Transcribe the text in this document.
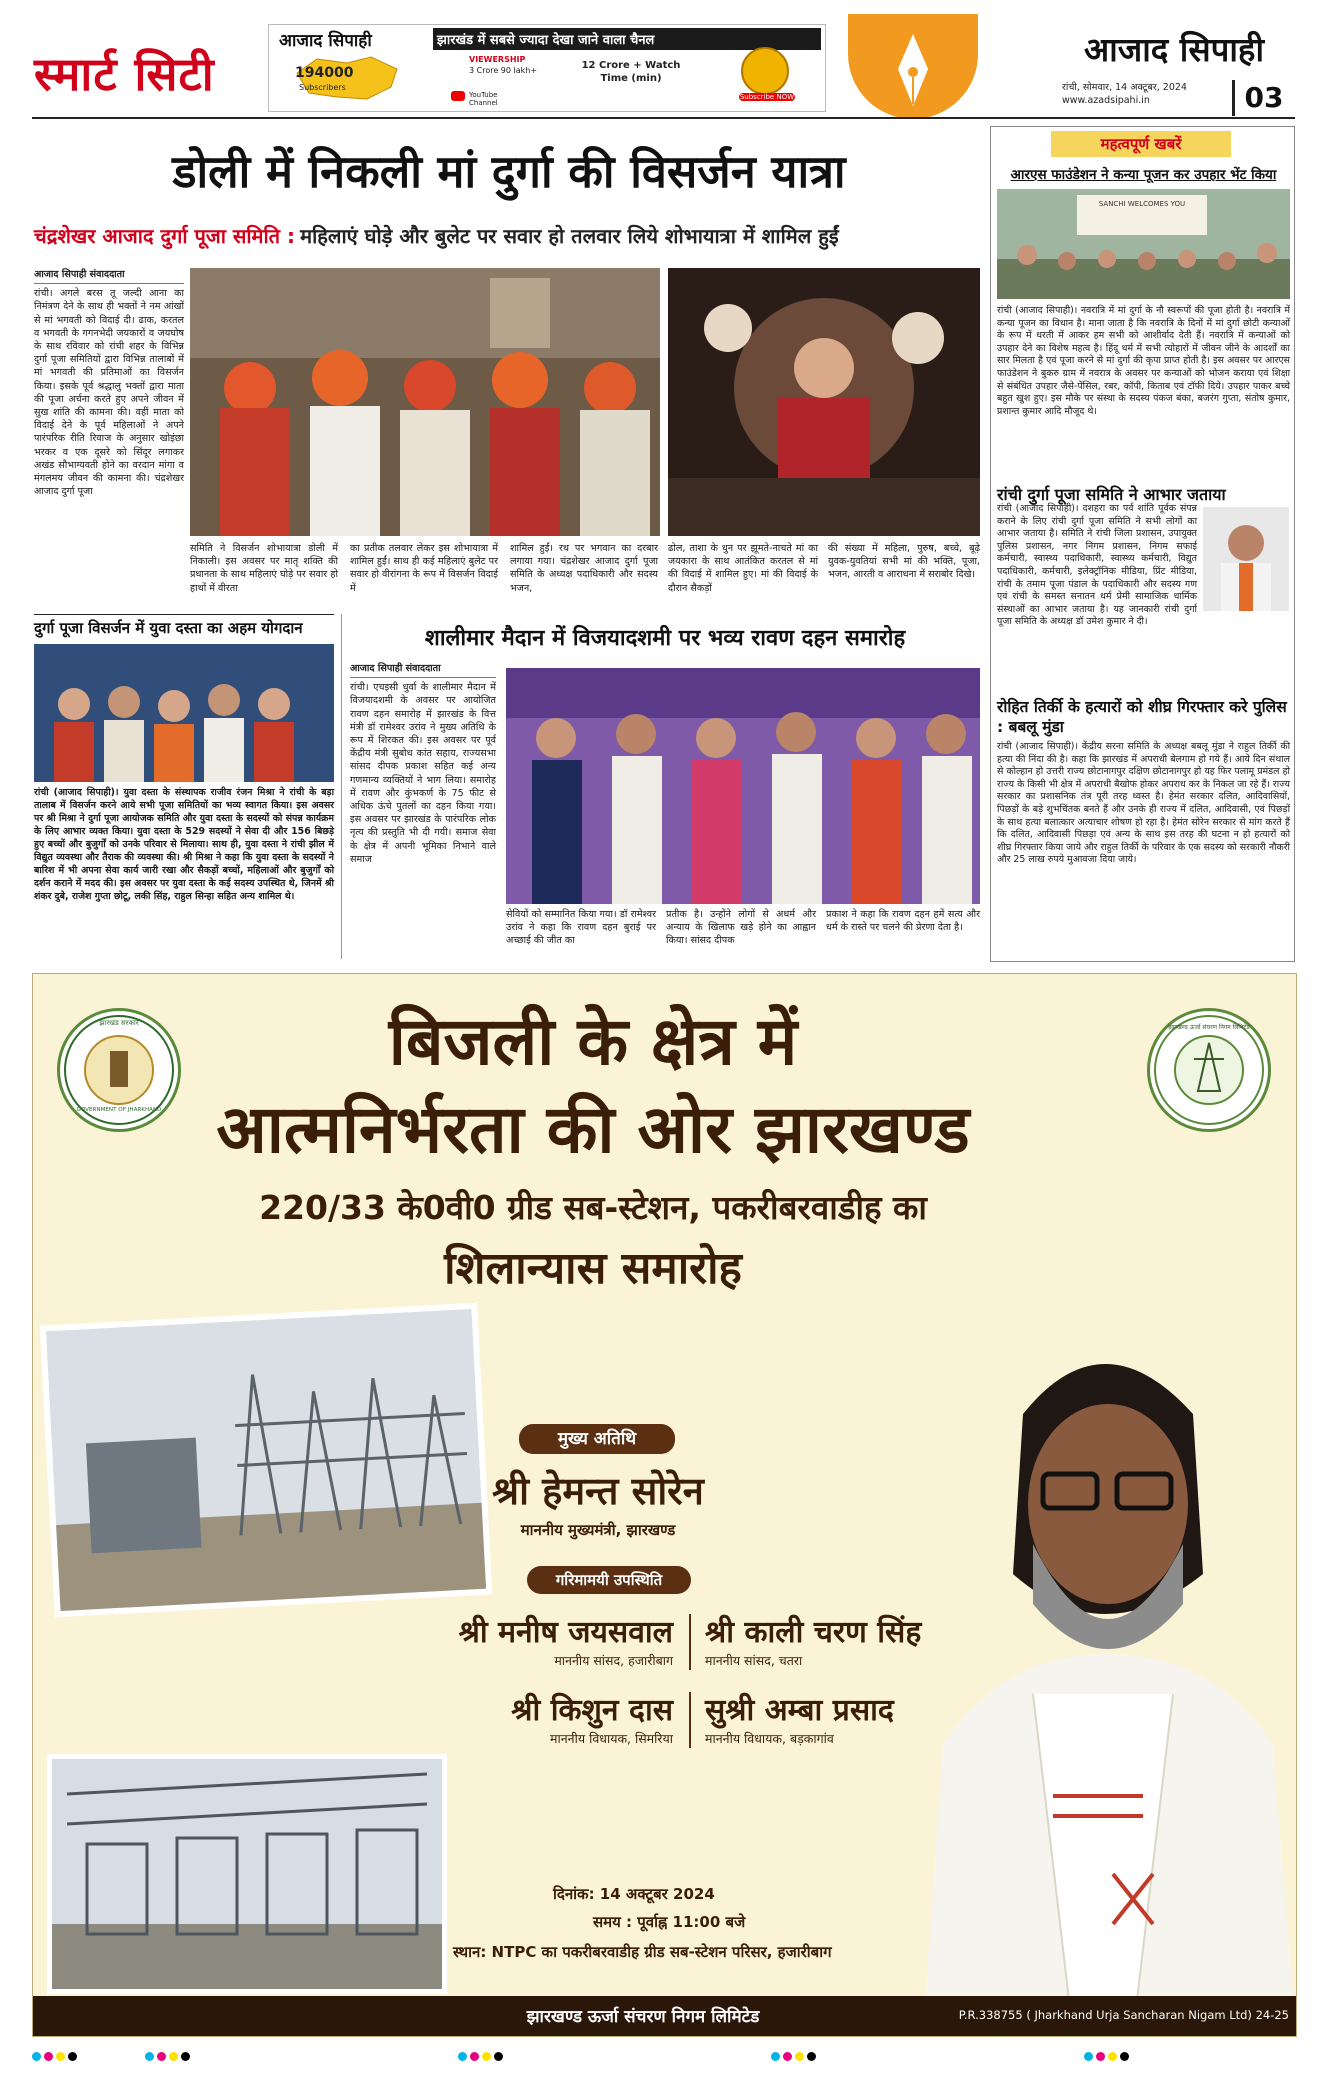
स्मार्ट सिटी
आजाद सिपाही	झारखंड में सबसे ज्यादा देखा जाने वाला चैनल
194000
Subscribers
YouTube Channel
VIEWERSHIP
3 Crore 90 lakh+	12 Crore + Watch Time (min)
Subscribe NOW
आजाद सिपाही
रांची, सोमवार, 14 अक्टूबर, 2024
www.azadsipahi.in	03
डोली में निकली मां दुर्गा की विसर्जन यात्रा
चंद्रशेखर आजाद दुर्गा पूजा समिति : महिलाएं घोड़े और बुलेट पर सवार हो तलवार लिये शोभायात्रा में शामिल हुईं
आजाद सिपाही संवाददाता
रांची। अगले बरस तू जल्दी आना का निमंत्रण देने के साथ ही भक्तों ने नम आंखों से मां भगवती को विदाई दी। ढाक, करतल व भगवती के गगनभेदी जयकारों व जयघोष के साथ रविवार को रांची शहर के विभिन्न दुर्गा पूजा समितियों द्वारा विभिन्न तालाबों में मां भगवती की प्रतिमाओं का विसर्जन किया। इसके पूर्व श्रद्धालु भक्तों द्वारा माता की पूजा अर्चना करते हुए अपने जीवन में सुख शांति की कामना की। वहीं माता को विदाई देने के पूर्व महिलाओं ने अपने पारंपरिक रीति रिवाज के अनुसार खोइंछा भरकर व एक दूसरे को सिंदूर लगाकर अखंड सौभाग्यवती होने का वरदान मांगा व मंगलमय जीवन की कामना की। चंद्रशेखर आजाद दुर्गा पूजा
समिति ने विसर्जन शोभायात्रा डोली में निकाली। इस अवसर पर मातृ शक्ति की प्रधानता के साथ महिलाएं घोड़े पर सवार हो हाथों में वीरता
का प्रतीक तलवार लेकर इस शोभायात्रा में शामिल हुईं। साथ ही कई महिलाएं बुलेट पर सवार हो वीरांगना के रूप में विसर्जन विदाई में
शामिल हुईं। रथ पर भगवान का दरबार लगाया गया। चंद्रशेखर आजाद दुर्गा पूजा समिति के अध्यक्ष पदाधिकारी और सदस्य भजन,
ढोल, ताशा के धुन पर झूमते-नाचते मां का जयकारा के साथ आतंकित करतल से मां की विदाई में शामिल हुए। मां की विदाई के दौरान सैकड़ों
की संख्या में महिला, पुरुष, बच्चे, बूढ़े युवक-युवतियां सभी मां की भक्ति, पूजा, भजन, आरती व आराधना में सराबोर दिखे।
दुर्गा पूजा विसर्जन में युवा दस्ता का अहम योगदान
रांची (आजाद सिपाही)। युवा दस्ता के संस्थापक राजीव रंजन मिश्रा ने रांची के बड़ा तालाब में विसर्जन करने आये सभी पूजा समितियों का भव्य स्वागत किया। इस अवसर पर श्री मिश्रा ने दुर्गा पूजा आयोजक समिति और युवा दस्ता के सदस्यों को संपन्न कार्यक्रम के लिए आभार व्यक्त किया। युवा दस्ता के 529 सदस्यों ने सेवा दी और 156 बिछड़े हुए बच्चों और बुजुर्गों को उनके परिवार से मिलाया। साथ ही, युवा दस्ता ने रांची झील में विद्युत व्यवस्था और तैराक की व्यवस्था की। श्री मिश्रा ने कहा कि युवा दस्ता के सदस्यों ने बारिश में भी अपना सेवा कार्य जारी रखा और सैकड़ों बच्चों, महिलाओं और बुजुर्गों को दर्शन कराने में मदद की। इस अवसर पर युवा दस्ता के कई सदस्य उपस्थित थे, जिनमें श्री शंकर दुबे, राजेश गुप्ता छोटू, लकी सिंह, राहुल सिन्हा सहित अन्य शामिल थे।
शालीमार मैदान में विजयादशमी पर भव्य रावण दहन समारोह
आजाद सिपाही संवाददाता
रांची। एचइसी धुर्वा के शालीमार मैदान में विजयादशमी के अवसर पर आयोजित रावण दहन समारोह में झारखंड के वित्त मंत्री डॉ रामेश्वर उरांव ने मुख्य अतिथि के रूप में शिरकत की। इस अवसर पर पूर्व केंद्रीय मंत्री सुबोध कांत सहाय, राज्यसभा सांसद दीपक प्रकाश सहित कई अन्य गणमान्य व्यक्तियों ने भाग लिया। समारोह में रावण और कुंभकर्ण के 75 फीट से अधिक ऊंचे पुतलों का दहन किया गया। इस अवसर पर झारखंड के पारंपरिक लोक नृत्य की प्रस्तुति भी दी गयी। समाज सेवा के क्षेत्र में अपनी भूमिका निभाने वाले समाज
सेवियों को सम्मानित किया गया। डॉ रामेश्वर उरांव ने कहा कि रावण दहन बुराई पर अच्छाई की जीत का
प्रतीक है। उन्होंने लोगों से अधर्म और अन्याय के खिलाफ खड़े होने का आह्वान किया। सांसद दीपक
प्रकाश ने कहा कि रावण दहन हमें सत्य और धर्म के रास्ते पर चलने की प्रेरणा देता है।
महत्वपूर्ण खबरें
आरएस फाउंडेशन ने कन्या पूजन कर उपहार भेंट किया
SANCHI WELCOMES YOU
रांची (आजाद सिपाही)। नवरात्रि में मां दुर्गा के नौ स्वरूपों की पूजा होती है। नवरात्रि में कन्या पूजन का विधान है। माना जाता है कि नवरात्रि के दिनों में मां दुर्गा छोटी कन्याओं के रूप में धरती में आकर हम सभी को आशीर्वाद देती हैं। नवरात्रि में कन्याओं को उपहार देने का विशेष महत्व है। हिंदू धर्म में सभी त्योहारों में जीवन जीने के आदर्शों का सार मिलता है एवं पूजा करने से मां दुर्गा की कृपा प्राप्त होती है। इस अवसर पर आरएस फाउंडेशन ने बुकरु ग्राम में नवरात्र के अवसर पर कन्याओं को भोजन कराया एवं शिक्षा से संबंधित उपहार जैसे-पेंसिल, रबर, कॉपी, किताब एवं टॉफी दिये। उपहार पाकर बच्चे बहुत खुश हुए। इस मौके पर संस्था के सदस्य पंकज बंका, बजरंग गुप्ता, संतोष कुमार, प्रशान्त कुमार आदि मौजूद थे।
रांची दुर्गा पूजा समिति ने आभार जताया
रांची (आजाद सिपाही)। दशहरा का पर्व शांति पूर्वक संपन्न कराने के लिए रांची दुर्गा पूजा समिति ने सभी लोगों का आभार जताया है। समिति ने रांची जिला प्रशासन, उपायुक्त पुलिस प्रशासन, नगर निगम प्रशासन, निगम सफाई कर्मचारी, स्वास्थ्य पदाधिकारी, स्वास्थ्य कर्मचारी, विद्युत पदाधिकारी, कर्मचारी, इलेक्ट्रॉनिक मीडिया, प्रिंट मीडिया, रांची के तमाम पूजा पंडाल के पदाधिकारी और सदस्य गण एवं रांची के समस्त सनातन धर्म प्रेमी सामाजिक धार्मिक संस्थाओं का आभार जताया है। यह जानकारी रांची दुर्गा पूजा समिति के अध्यक्ष डॉ उमेश कुमार ने दी।
रोहित तिर्की के हत्यारों को शीघ्र गिरफ्तार करे पुलिस : बबलू मुंडा
रांची (आजाद सिपाही)। केंद्रीय सरना समिति के अध्यक्ष बबलू मुंडा ने राहुल तिर्की की हत्या की निंदा की है। कहा कि झारखंड में अपराधी बेलगाम हो गये हैं। आये दिन संथाल से कोल्हान हो उत्तरी राज्य छोटानागपुर दक्षिण छोटानागपुर हो यह फिर पलामू प्रमंडल हो राज्य के किसी भी क्षेत्र में अपराधी बैखोफ होकर अपराध कर के निकल जा रहे हैं। राज्य सरकार का प्रशासनिक तंत्र पूरी तरह ध्वस्त है। हेमंत सरकार दलित, आदिवासियों, पिछड़ों के बड़े शुभचिंतक बनते हैं और उनके ही राज्य में दलित, आदिवासी, एवं पिछड़ों के साथ हत्या बलात्कार अत्याचार शोषण हो रहा है। हेमंत सोरेन सरकार से मांग करते हैं कि दलित, आदिवासी पिछड़ा एवं अन्य के साथ इस तरह की घटना न हो हत्यारों को शीघ्र गिरफ्तार किया जाये और राहुल तिर्की के परिवार के एक सदस्य को सरकारी नौकरी और 25 लाख रुपये मुआवजा दिया जाये।
झारखंड सरकार
GOVERNMENT OF JHARKHAND
झारखण्ड ऊर्जा संचरण निगम लिमिटेड
बिजली के क्षेत्र में
आत्मनिर्भरता की ओर झारखण्ड
220/33 के0वी0 ग्रीड सब-स्टेशन, पकरीबरवाडीह का
शिलान्यास समारोह
मुख्य अतिथि
श्री हेमन्त सोरेन
माननीय मुख्यमंत्री, झारखण्ड
गरिमामयी उपस्थिति
श्री मनीष जयसवाल
माननीय सांसद, हजारीबाग
श्री काली चरण सिंह
माननीय सांसद, चतरा
श्री किशुन दास
माननीय विधायक, सिमरिया
सुश्री अम्बा प्रसाद
माननीय विधायक, बड़कागांव
दिनांक: 14 अक्टूबर 2024
समय : पूर्वाह्न 11:00 बजे
स्थान: NTPC का पकरीबरवाडीह ग्रीड सब-स्टेशन परिसर, हजारीबाग
झारखण्ड ऊर्जा संचरण निगम लिमिटेड	P.R.338755 ( Jharkhand Urja Sancharan Nigam Ltd) 24-25
